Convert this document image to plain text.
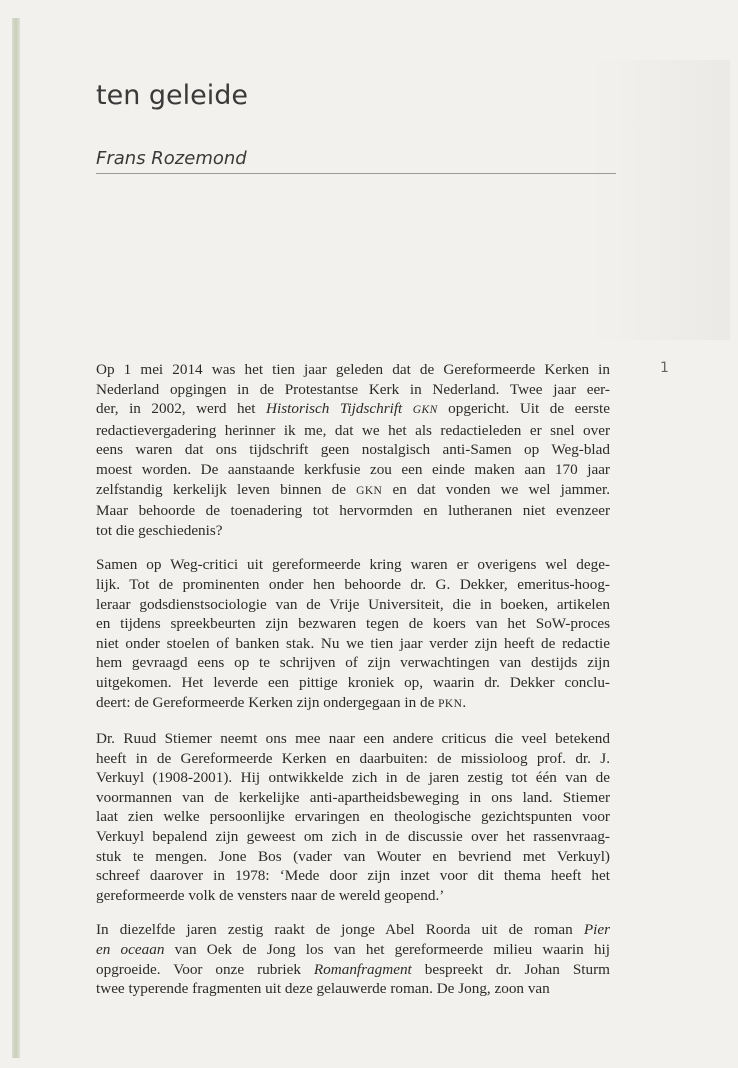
ten geleide
Frans Rozemond
1
Op 1 mei 2014 was het tien jaar geleden dat de Gereformeerde Kerken in
Nederland opgingen in de Protestantse Kerk in Nederland. Twee jaar eer-
der, in 2002, werd het Historisch Tijdschrift GKN opgericht. Uit de eerste
redactievergadering herinner ik me, dat we het als redactieleden er snel over
eens waren dat ons tijdschrift geen nostalgisch anti-Samen op Weg-blad
moest worden. De aanstaande kerkfusie zou een einde maken aan 170 jaar
zelfstandig kerkelijk leven binnen de GKN en dat vonden we wel jammer.
Maar behoorde de toenadering tot hervormden en lutheranen niet evenzeer
tot die geschiedenis?
Samen op Weg-critici uit gereformeerde kring waren er overigens wel dege-
lijk. Tot de prominenten onder hen behoorde dr. G. Dekker, emeritus-hoog-
leraar godsdienstsociologie van de Vrije Universiteit, die in boeken, artikelen
en tijdens spreekbeurten zijn bezwaren tegen de koers van het SoW-proces
niet onder stoelen of banken stak. Nu we tien jaar verder zijn heeft de redactie
hem gevraagd eens op te schrijven of zijn verwachtingen van destijds zijn
uitgekomen. Het leverde een pittige kroniek op, waarin dr. Dekker conclu-
deert: de Gereformeerde Kerken zijn ondergegaan in de PKN.
Dr. Ruud Stiemer neemt ons mee naar een andere criticus die veel betekend
heeft in de Gereformeerde Kerken en daarbuiten: de missioloog prof. dr. J.
Verkuyl (1908-2001). Hij ontwikkelde zich in de jaren zestig tot één van de
voormannen van de kerkelijke anti-apartheidsbeweging in ons land. Stiemer
laat zien welke persoonlijke ervaringen en theologische gezichtspunten voor
Verkuyl bepalend zijn geweest om zich in de discussie over het rassenvraag-
stuk te mengen. Jone Bos (vader van Wouter en bevriend met Verkuyl)
schreef daarover in 1978: ‘Mede door zijn inzet voor dit thema heeft het
gereformeerde volk de vensters naar de wereld geopend.’
In diezelfde jaren zestig raakt de jonge Abel Roorda uit de roman Pier
en oceaan van Oek de Jong los van het gereformeerde milieu waarin hij
opgroeide. Voor onze rubriek Romanfragment bespreekt dr. Johan Sturm
twee typerende fragmenten uit deze gelauwerde roman. De Jong, zoon van
